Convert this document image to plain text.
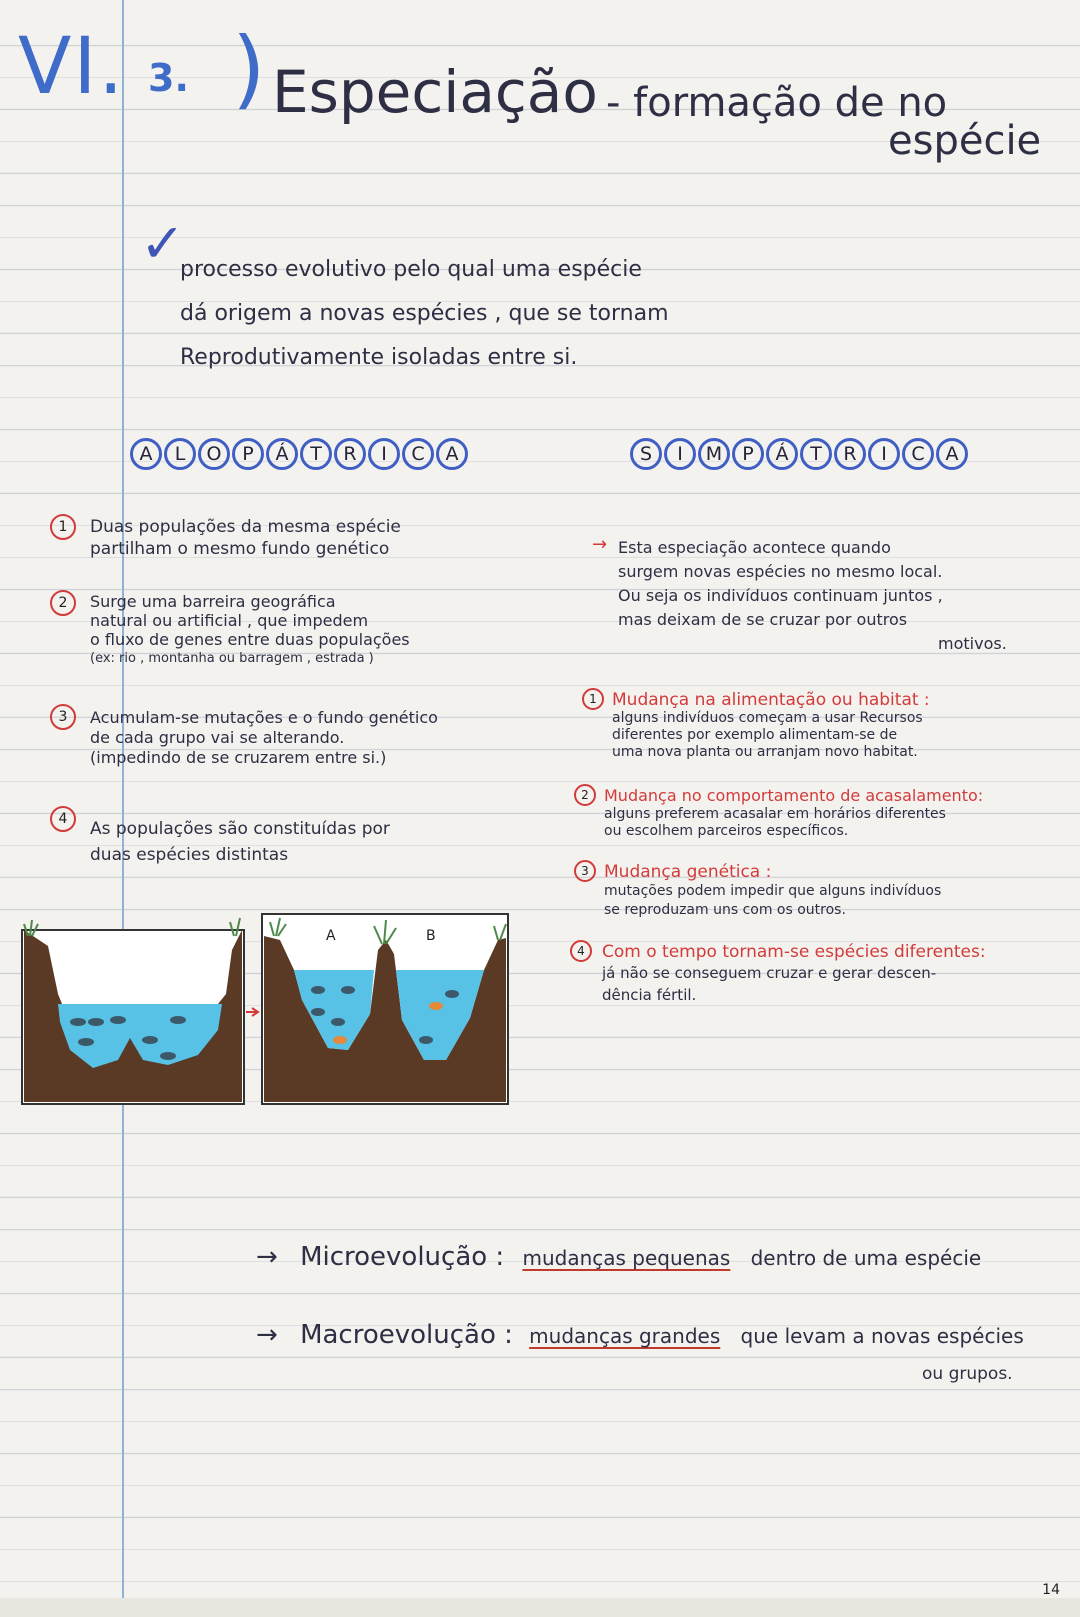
VI. 3. ) Especiação - formação de no
espécie
✓
processo evolutivo pelo qual uma espécie
dá origem a novas espécies , que se tornam
Reprodutivamente isoladas entre si.
A	L	O	P	Á	T	R	I	C	A	S	I	M	P	Á	T	R	I	C	A
1	Duas populações da mesma espécie
partilham o mesmo fundo genético
2	Surge uma barreira geográfica
natural ou artificial , que impedem
o fluxo de genes entre duas populações
(ex: rio , montanha ou barragem , estrada )
3	Acumulam-se mutações e o fundo genético
de cada grupo vai se alterando.
(impedindo de se cruzarem entre si.)
4	As populações são constituídas por
duas espécies distintas
A	B
→ Esta especiação acontece quando
surgem novas espécies no mesmo local.
Ou seja os indivíduos continuam juntos ,
mas deixam de se cruzar por outros
motivos.
1 Mudança na alimentação ou habitat :
alguns indivíduos começam a usar Recursos
diferentes por exemplo alimentam-se de
uma nova planta ou arranjam novo habitat.
2 Mudança no comportamento de acasalamento:
alguns preferem acasalar em horários diferentes
ou escolhem parceiros específicos.
3 Mudança genética :
mutações podem impedir que alguns indivíduos
se reproduzam uns com os outros.
4	Com o tempo tornam-se espécies diferentes:
já não se conseguem cruzar e gerar descen-
dência fértil.
→ Microevolução : mudanças pequenas dentro de uma espécie
→ Macroevolução : mudanças grandes que levam a novas espécies
ou grupos.
14
